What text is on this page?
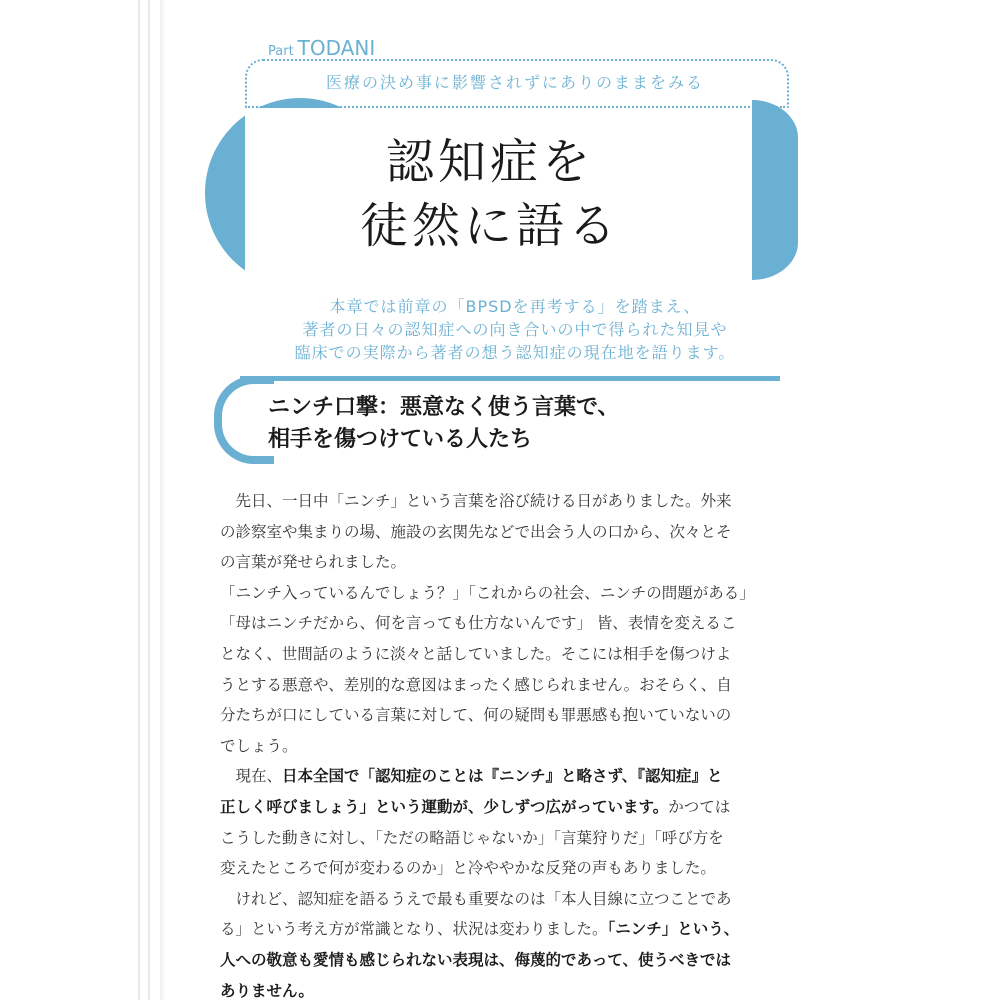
Part TODANI
医療の決め事に影響されずにありのままをみる
第 2 章	認知症を
徒然に語る
本章では前章の「BPSDを再考する」を踏まえ、
著者の日々の認知症への向き合いの中で得られた知見や
臨床での実際から著者の想う認知症の現在地を語ります。
ニンチ口撃：悪意なく使う言葉で、
相手を傷つけている人たち

　先日、一日中「ニンチ」という言葉を浴び続ける日がありました。外来

の診察室や集まりの場、施設の玄関先などで出会う人の口から、次々とそ

の言葉が発せられました。

「ニンチ入っているんでしょう？」「これからの社会、ニンチの問題がある」

「母はニンチだから、何を言っても仕方ないんです」 皆、表情を変えるこ

となく、世間話のように淡々と話していました。そこには相手を傷つけよ

うとする悪意や、差別的な意図はまったく感じられません。おそらく、自

分たちが口にしている言葉に対して、何の疑問も罪悪感も抱いていないの

でしょう。

　現在、日本全国で「認知症のことは『ニンチ』と略さず、『認知症』と

正しく呼びましょう」という運動が、少しずつ広がっています。かつては

こうした動きに対し、「ただの略語じゃないか」「言葉狩りだ」「呼び方を

変えたところで何が変わるのか」と冷ややかな反発の声もありました。

　けれど、認知症を語るうえで最も重要なのは「本人目線に立つことであ

る」という考え方が常識となり、状況は変わりました。「ニンチ」という、

人への敬意も愛情も感じられない表現は、侮蔑的であって、使うべきでは

ありません。
